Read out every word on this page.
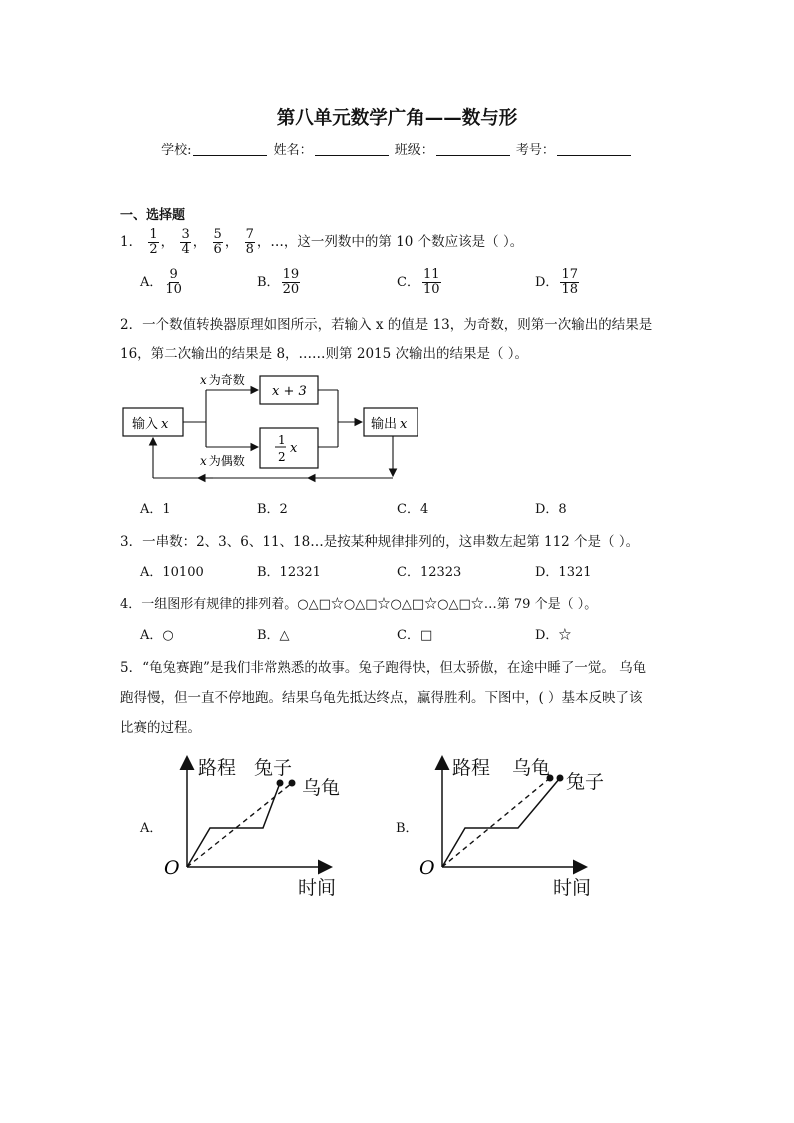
第八单元数学广角——数与形
学校:	姓名：	班级：	考号：
一、选择题
1． $\frac{1}{2}$ ， $\frac{3}{4}$ ， $\frac{5}{6}$ ， $\frac{7}{8}$ ，…，这一列数中的第 10 个数应该是（ ）。
A． $\frac{9}{10}$	B． $\frac{19}{20}$	C． $\frac{11}{10}$	D． $\frac{17}{18}$
2．一个数值转换器原理如图所示，若输入 x 的值是 13，为奇数，则第一次输出的结果是
16，第二次输出的结果是 8，……则第 2015 次输出的结果是（ ）。
输入 x
x 为奇数
x 为偶数
x + 3
1
2
x
输出 x
A．1	B．2	C．4	D．8
3．一串数：2、3、6、11、18…是按某种规律排列的，这串数左起第 112 个是（ ）。
A．10100	B．12321	C．12323	D．1321
4．一组图形有规律的排列着。○△□☆○△□☆○△□☆○△□☆…第 79 个是（ ）。
A．○	B．△	C．□	D．☆
5．“龟兔赛跑”是我们非常熟悉的故事。兔子跑得快，但太骄傲，在途中睡了一觉。 乌龟
跑得慢，但一直不停地跑。结果乌龟先抵达终点，赢得胜利。下图中，( ）基本反映了该
比赛的过程。
A．
O
路程 兔子
乌龟
时间
B．
O
路程 乌龟
兔子
时间
